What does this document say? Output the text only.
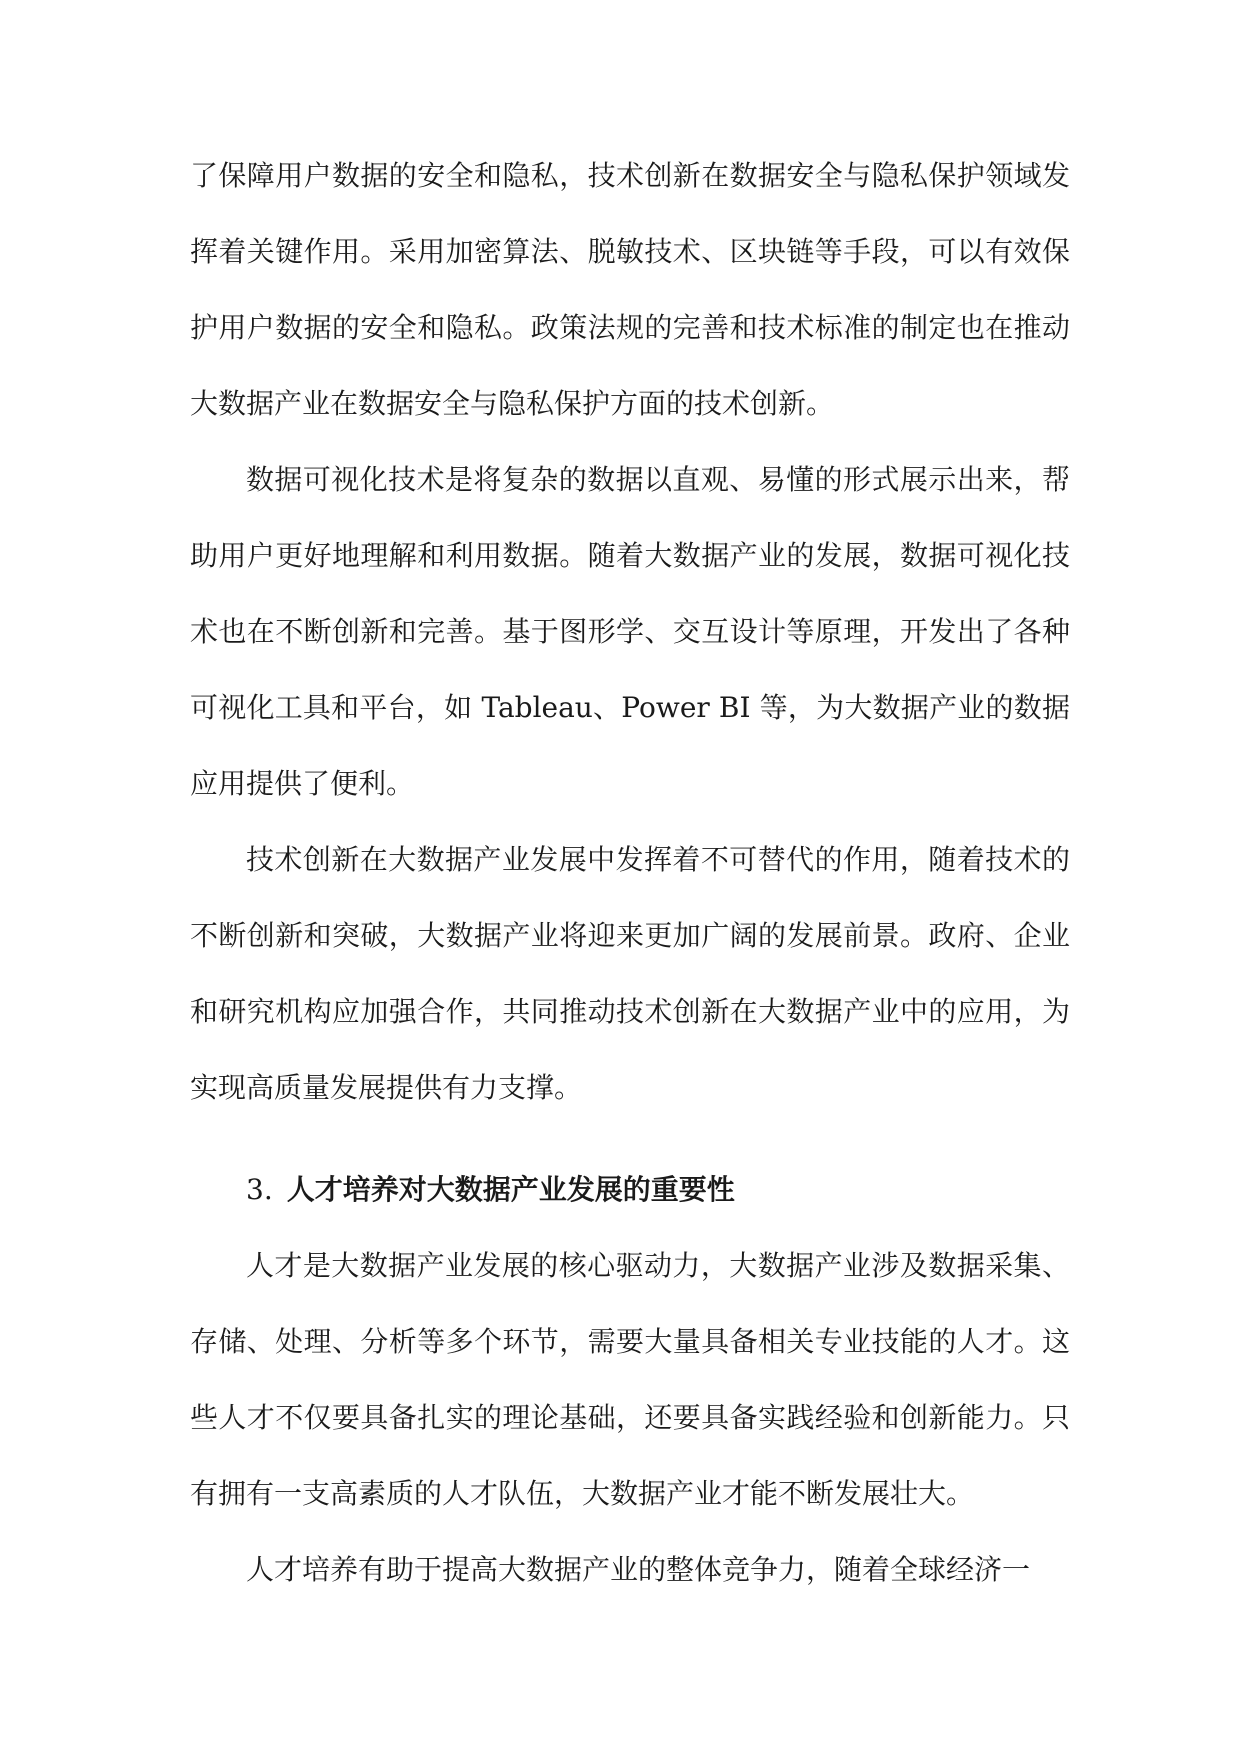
了保障用户数据的安全和隐私，技术创新在数据安全与隐私保护领域发挥着关键作用。采用加密算法、脱敏技术、区块链等手段，可以有效保护用户数据的安全和隐私。政策法规的完善和技术标准的制定也在推动大数据产业在数据安全与隐私保护方面的技术创新。

数据可视化技术是将复杂的数据以直观、易懂的形式展示出来，帮助用户更好地理解和利用数据。随着大数据产业的发展，数据可视化技术也在不断创新和完善。基于图形学、交互设计等原理，开发出了各种可视化工具和平台，如 Tableau、Power BI 等，为大数据产业的数据应用提供了便利。

技术创新在大数据产业发展中发挥着不可替代的作用，随着技术的不断创新和突破，大数据产业将迎来更加广阔的发展前景。政府、企业和研究机构应加强合作，共同推动技术创新在大数据产业中的应用，为实现高质量发展提供有力支撑。

3. 人才培养对大数据产业发展的重要性

人才是大数据产业发展的核心驱动力，大数据产业涉及数据采集、存储、处理、分析等多个环节，需要大量具备相关专业技能的人才。这些人才不仅要具备扎实的理论基础，还要具备实践经验和创新能力。只有拥有一支高素质的人才队伍，大数据产业才能不断发展壮大。

人才培养有助于提高大数据产业的整体竞争力，随着全球经济一
